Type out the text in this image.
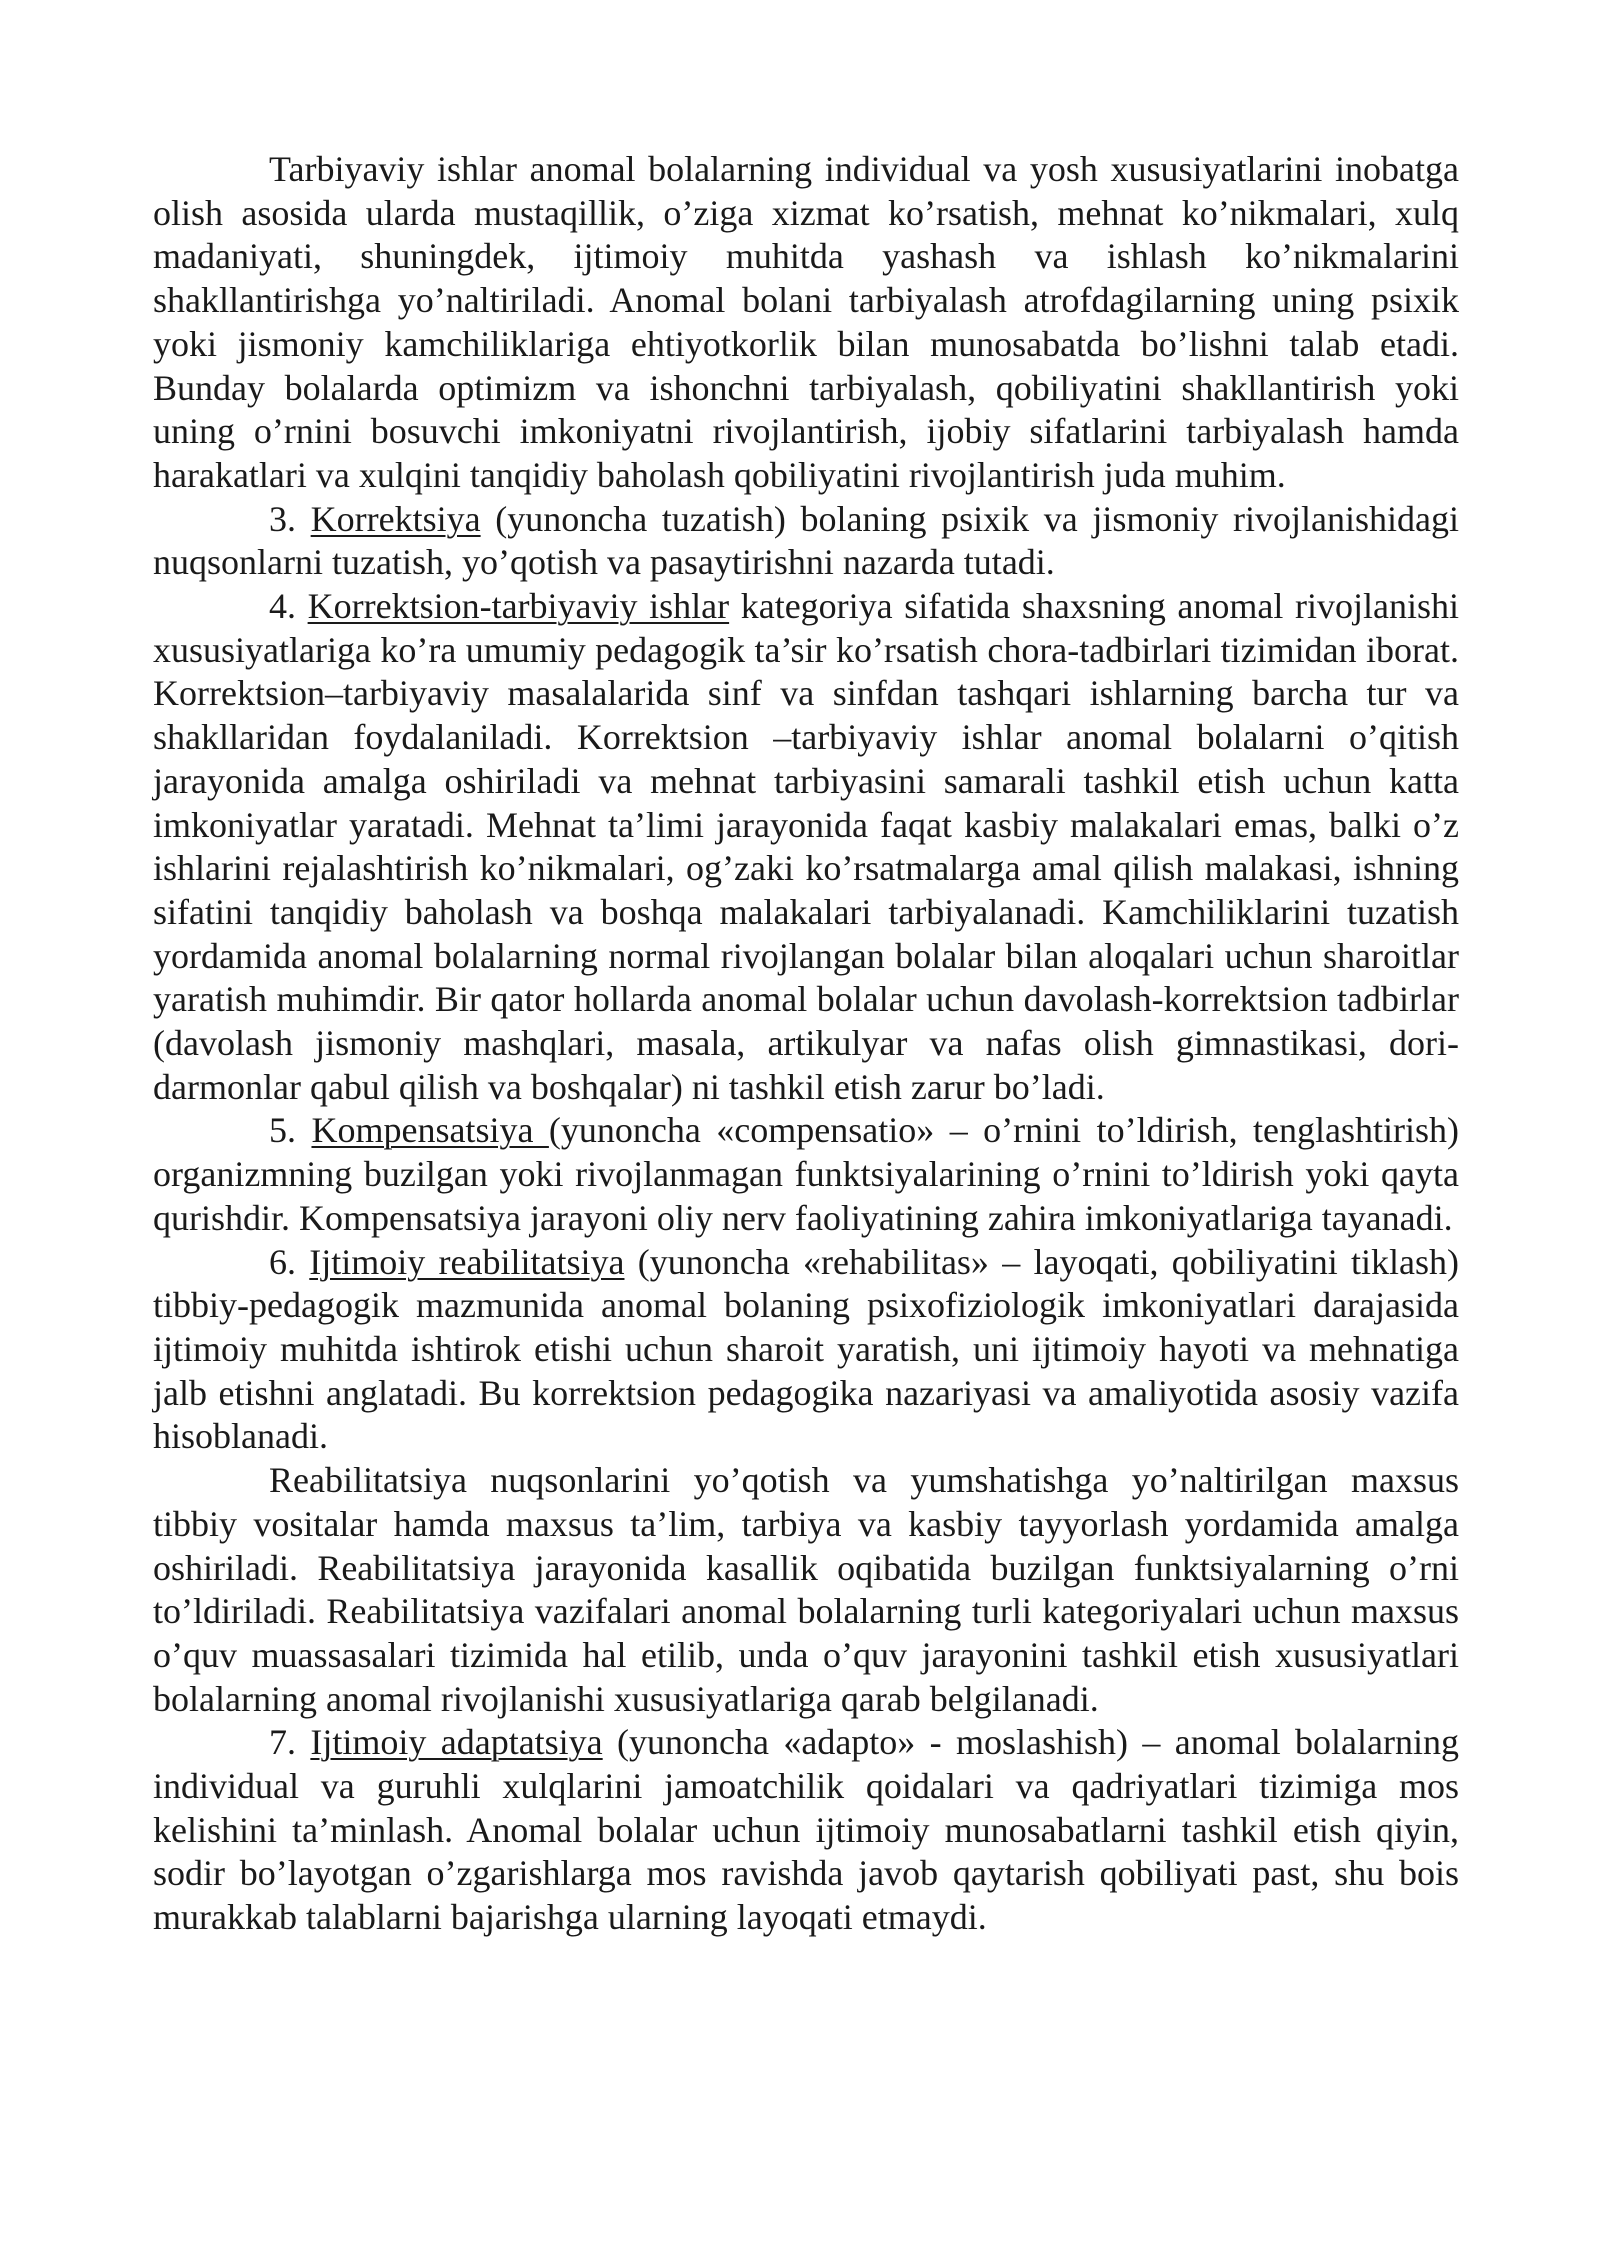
Tarbiyaviy ishlar anomal bolalarning individual va yosh xususiyatlarini inobatga olish asosida ularda mustaqillik, o’ziga xizmat ko’rsatish, mehnat ko’nikmalari, xulq madaniyati, shuningdek, ijtimoiy muhitda yashash va ishlash ko’nikmalarini shakllantirishga yo’naltiriladi. Anomal bolani tarbiyalash atrofdagilarning uning psixik yoki jismoniy kamchiliklariga ehtiyotkorlik bilan munosabatda bo’lishni talab etadi. Bunday bolalarda optimizm va ishonchni tarbiyalash, qobiliyatini shakllantirish yoki uning o’rnini bosuvchi imkoniyatni rivojlantirish, ijobiy sifatlarini tarbiyalash hamda harakatlari va xulqini tanqidiy baholash qobiliyatini rivojlantirish juda muhim.

3. Korrektsiya (yunoncha tuzatish) bolaning psixik va jismoniy rivojlanishidagi nuqsonlarni tuzatish, yo’qotish va pasaytirishni nazarda tutadi.

4. Korrektsion-tarbiyaviy ishlar kategoriya sifatida shaxsning anomal rivojlanishi xususiyatlariga ko’ra umumiy pedagogik ta’sir ko’rsatish chora-tadbirlari tizimidan iborat. Korrektsion–tarbiyaviy masalalarida sinf va sinfdan tashqari ishlarning barcha tur va shakllaridan foydalaniladi. Korrektsion –tarbiyaviy ishlar anomal bolalarni o’qitish jarayonida amalga oshiriladi va mehnat tarbiyasini samarali tashkil etish uchun katta imkoniyatlar yaratadi. Mehnat ta’limi jarayonida faqat kasbiy malakalari emas, balki o’z ishlarini rejalashtirish ko’nikmalari, og’zaki ko’rsatmalarga amal qilish malakasi, ishning sifatini tanqidiy baholash va boshqa malakalari tarbiyalanadi. Kamchiliklarini tuzatish yordamida anomal bolalarning normal rivojlangan bolalar bilan aloqalari uchun sharoitlar yaratish muhimdir. Bir qator hollarda anomal bolalar uchun davolash-korrektsion tadbirlar (davolash jismoniy mashqlari, masala, artikulyar va nafas olish gimnastikasi, dori-darmonlar qabul qilish va boshqalar) ni tashkil etish zarur bo’ladi.

5. Kompensatsiya (yunoncha «compensatio» – o’rnini to’ldirish, tenglashtirish) organizmning buzilgan yoki rivojlanmagan funktsiyalarining o’rnini to’ldirish yoki qayta qurishdir. Kompensatsiya jarayoni oliy nerv faoliyatining zahira imkoniyatlariga tayanadi.

6. Ijtimoiy reabilitatsiya (yunoncha «rehabilitas» – layoqati, qobiliyatini tiklash) tibbiy-pedagogik mazmunida anomal bolaning psixofiziologik imkoniyatlari darajasida ijtimoiy muhitda ishtirok etishi uchun sharoit yaratish, uni ijtimoiy hayoti va mehnatiga jalb etishni anglatadi. Bu korrektsion pedagogika nazariyasi va amaliyotida asosiy vazifa hisoblanadi.

Reabilitatsiya nuqsonlarini yo’qotish va yumshatishga yo’naltirilgan maxsus tibbiy vositalar hamda maxsus ta’lim, tarbiya va kasbiy tayyorlash yordamida amalga oshiriladi. Reabilitatsiya jarayonida kasallik oqibatida buzilgan funktsiyalarning o’rni to’ldiriladi. Reabilitatsiya vazifalari anomal bolalarning turli kategoriyalari uchun maxsus o’quv muassasalari tizimida hal etilib, unda o’quv jarayonini tashkil etish xususiyatlari bolalarning anomal rivojlanishi xususiyatlariga qarab belgilanadi.

7. Ijtimoiy adaptatsiya (yunoncha «adapto» - moslashish) – anomal bolalarning individual va guruhli xulqlarini jamoatchilik qoidalari va qadriyatlari tizimiga mos kelishini ta’minlash. Anomal bolalar uchun ijtimoiy munosabatlarni tashkil etish qiyin, sodir bo’layotgan o’zgarishlarga mos ravishda javob qaytarish qobiliyati past, shu bois murakkab talablarni bajarishga ularning layoqati etmaydi.
